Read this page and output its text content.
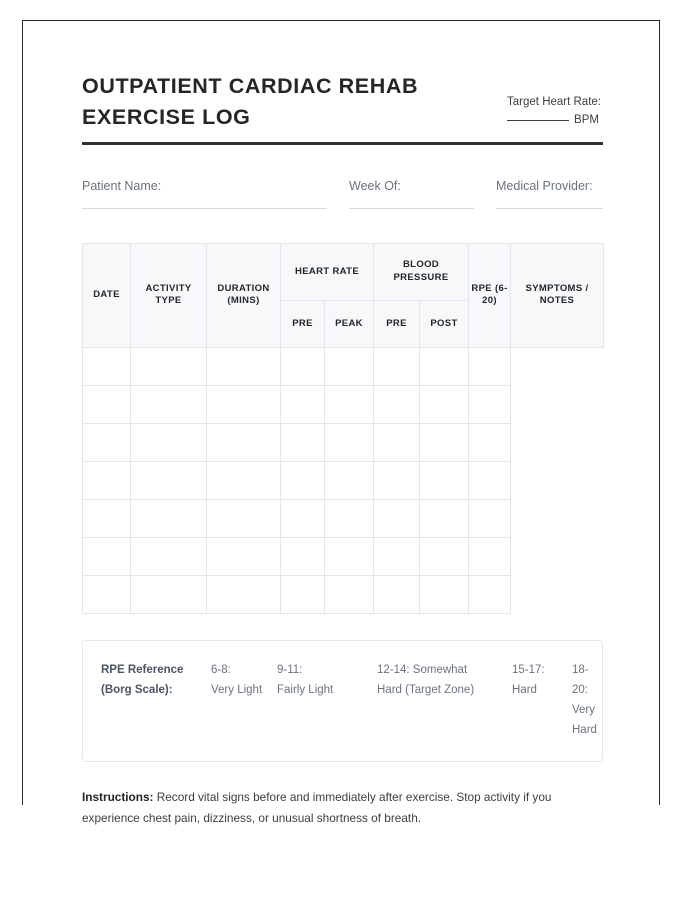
OUTPATIENT CARDIAC REHAB EXERCISE LOG
Target Heart Rate:
BPM
Patient Name:	Week Of:	Medical Provider:
DATE	ACTIVITY TYPE	DURATION (MINS)	HEART RATE		BLOOD PRESSURE		RPE (6-20)	SYMPTOMS / NOTES
			PRE	PEAK	PRE	POST		

RPE Reference
(Borg Scale):
6-8:
Very Light
9-11:
Fairly Light
12-14: Somewhat
Hard (Target Zone)
15-17:
Hard
18-20:
Very Hard
Instructions: Record vital signs before and immediately after exercise. Stop activity if you experience chest pain, dizziness, or unusual shortness of breath.
